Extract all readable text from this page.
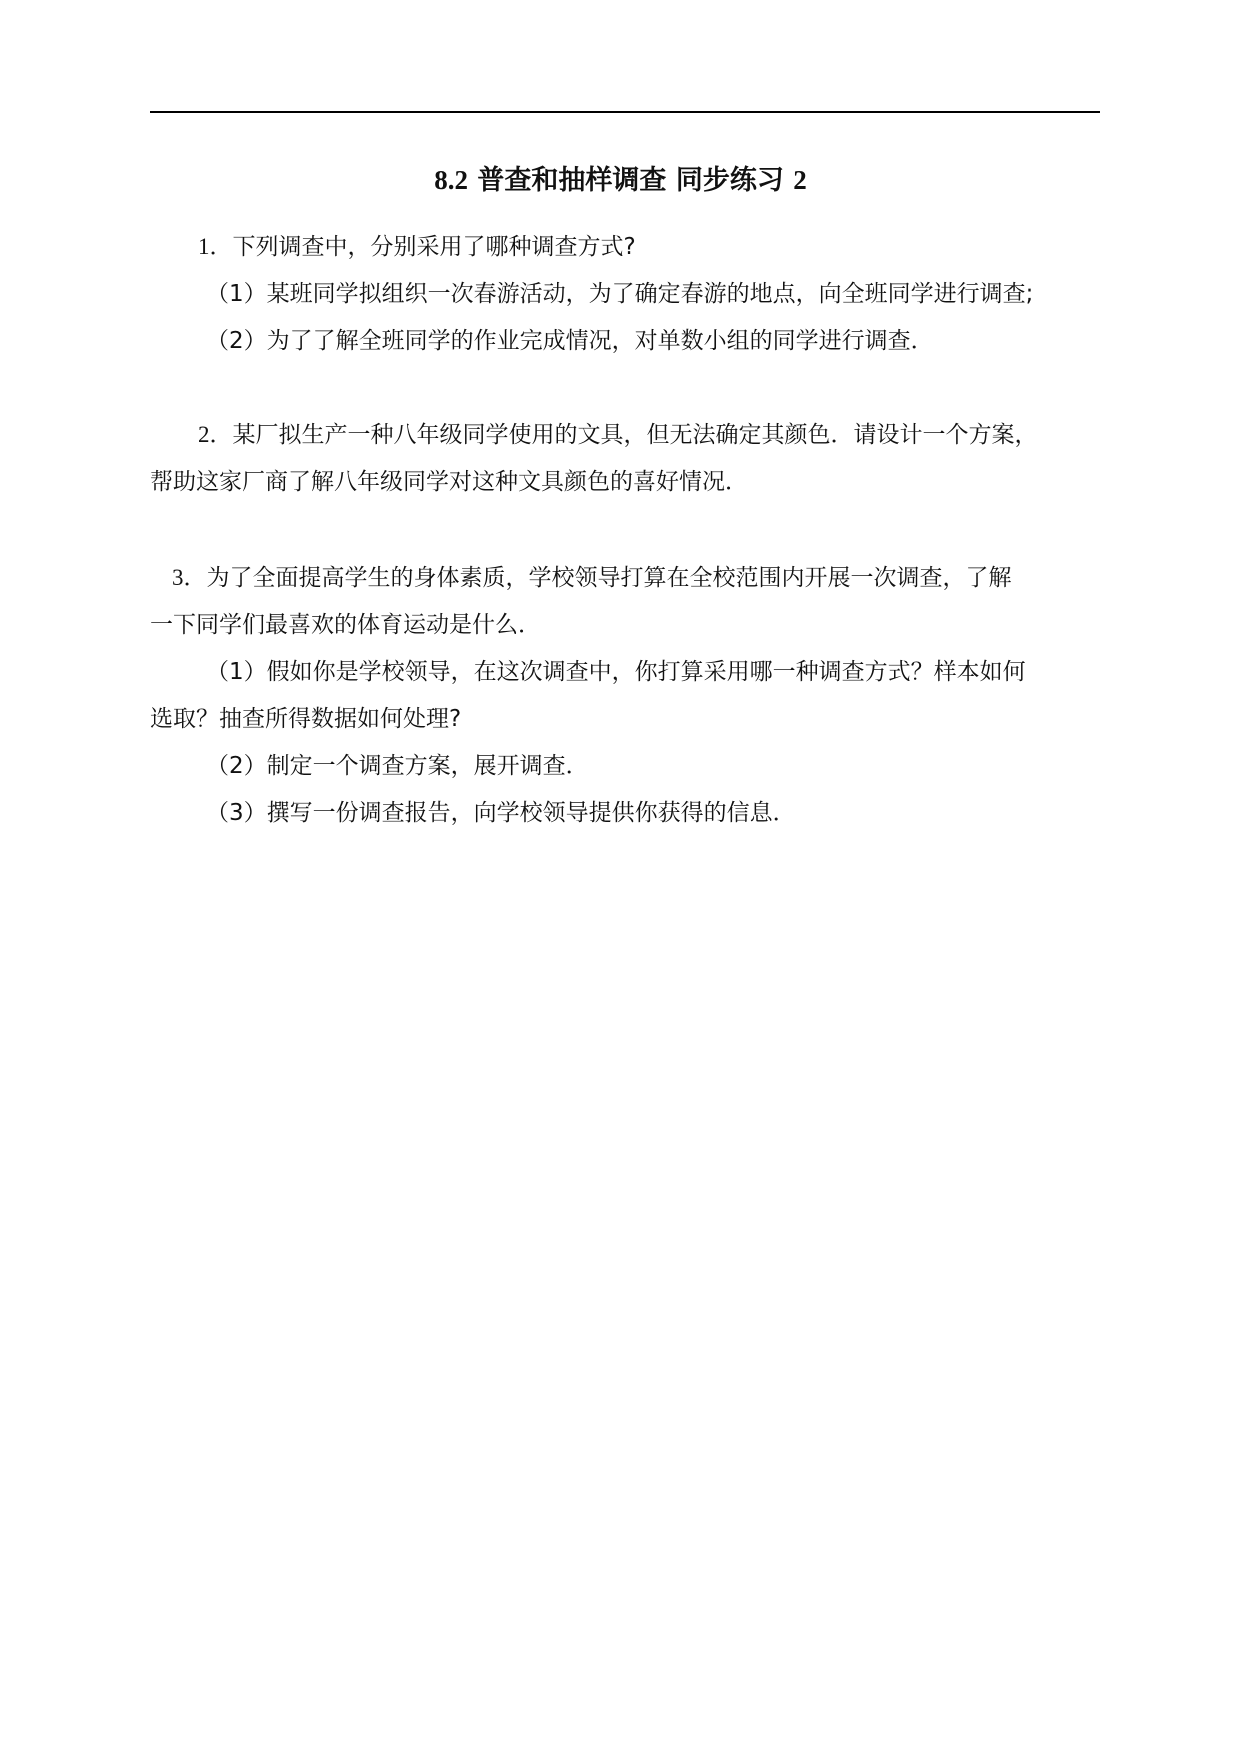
8.2 普查和抽样调查 同步练习 2
1．下列调查中，分别采用了哪种调查方式?
（1）某班同学拟组织一次春游活动，为了确定春游的地点，向全班同学进行调查;
（2）为了了解全班同学的作业完成情况，对单数小组的同学进行调查．
2．某厂拟生产一种八年级同学使用的文具，但无法确定其颜色．请设计一个方案，
帮助这家厂商了解八年级同学对这种文具颜色的喜好情况．
3．为了全面提高学生的身体素质，学校领导打算在全校范围内开展一次调查，了解
一下同学们最喜欢的体育运动是什么．
（1）假如你是学校领导，在这次调查中，你打算采用哪一种调查方式？样本如何
选取？抽查所得数据如何处理?
（2）制定一个调查方案，展开调查．
（3）撰写一份调查报告，向学校领导提供你获得的信息．
